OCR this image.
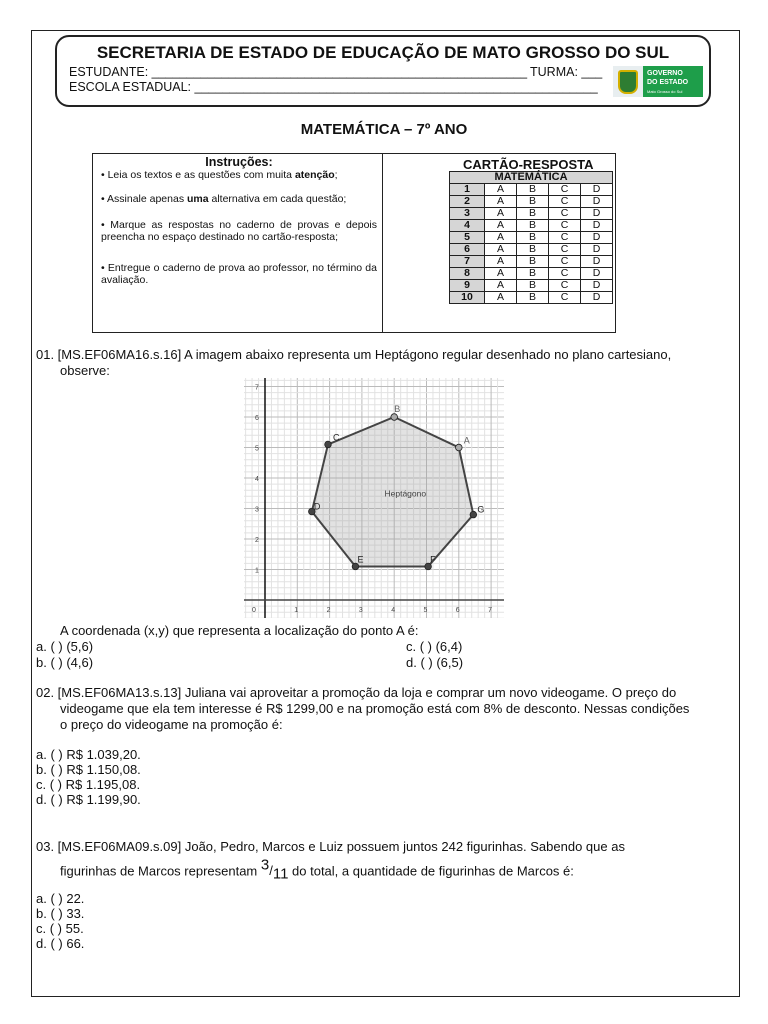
SECRETARIA DE ESTADO DE EDUCAÇÃO DE MATO GROSSO DO SUL
ESTUDANTE: ______________________________________________________ TURMA: ___
ESCOLA ESTADUAL: __________________________________________________________
GOVERNO
DO ESTADO
Mato Grosso do Sul
MATEMÁTICA – 7º ANO
Instruções:

• Leia os textos e as questões com muita atenção;

• Assinale apenas uma alternativa em cada questão;

• Marque as respostas no caderno de provas e depois preencha no espaço destinado no cartão-resposta;

• Entregue o caderno de prova ao professor, no término da avaliação.

CARTÃO-RESPOSTA
MATEMÁTICA				
1	A	B	C	D
2	A	B	C	D
3	A	B	C	D
4	A	B	C	D
5	A	B	C	D
6	A	B	C	D
7	A	B	C	D
8	A	B	C	D
9	A	B	C	D
10	A	B	C	D
01. [MS.EF06MA16.s.16] A imagem abaixo representa um Heptágono regular desenhado no plano cartesiano,
observe:
0	1	2	3	4	5	6	7
1
2
3
4
5
6
7
Heptágono
B
A
G
F
E
D
C
A coordenada (x,y) que representa a localização do ponto A é:
a. ( ) (5,6)
b. ( ) (4,6)
c. ( ) (6,4)
d. ( ) (6,5)
02. [MS.EF06MA13.s.13] Juliana vai aproveitar a promoção da loja e comprar um novo videogame. O preço do
videogame que ela tem interesse é R$ 1299,00 e na promoção está com 8% de desconto. Nessas condições
o preço do videogame na promoção é:
a. ( ) R$ 1.039,20.
b. ( ) R$ 1.150,08.
c. ( ) R$ 1.195,08.
d. ( ) R$ 1.199,90.
03. [MS.EF06MA09.s.09] João, Pedro, Marcos e Luiz possuem juntos 242 figurinhas. Sabendo que as
figurinhas de Marcos representam $^3/_{11}$ do total, a quantidade de figurinhas de Marcos é:
a. ( ) 22.
b. ( ) 33.
c. ( ) 55.
d. ( ) 66.
